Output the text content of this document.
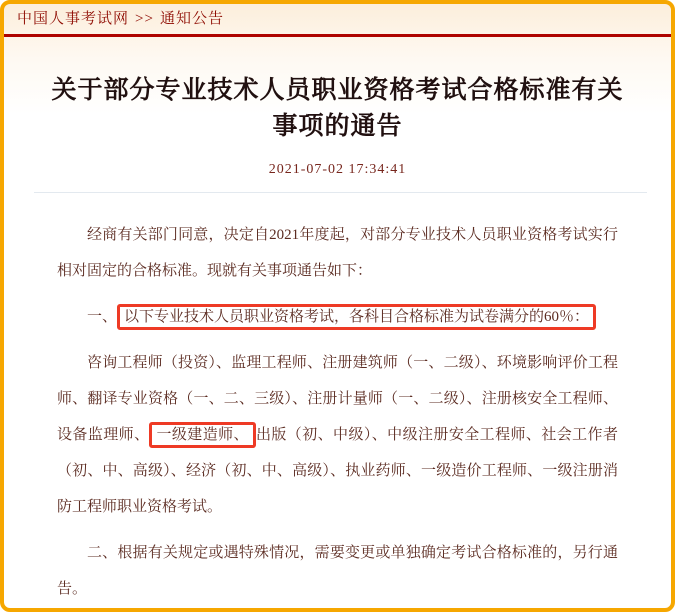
中国人事考试网 >> 通知公告
关于部分专业技术人员职业资格考试合格标准有关
事项的通告
2021-07-02 17:34:41

经商有关部门同意，决定自2021年度起，对部分专业技术人员职业资格考试实行相对固定的合格标准。现就有关事项通告如下：

一、 以下专业技术人员职业资格考试，各科目合格标准为试卷满分的60％：

咨询工程师（投资）、监理工程师、注册建筑师（一、二级）、环境影响评价工程师、翻译专业资格（一、二、三级）、注册计量师（一、二级）、注册核安全工程师、设备监理师、 一级建造师、 出版（初、中级）、中级注册安全工程师、社会工作者（初、中、高级）、经济（初、中、高级）、执业药师、一级造价工程师、一级注册消防工程师职业资格考试。

二、根据有关规定或遇特殊情况，需要变更或单独确定考试合格标准的，另行通告。
